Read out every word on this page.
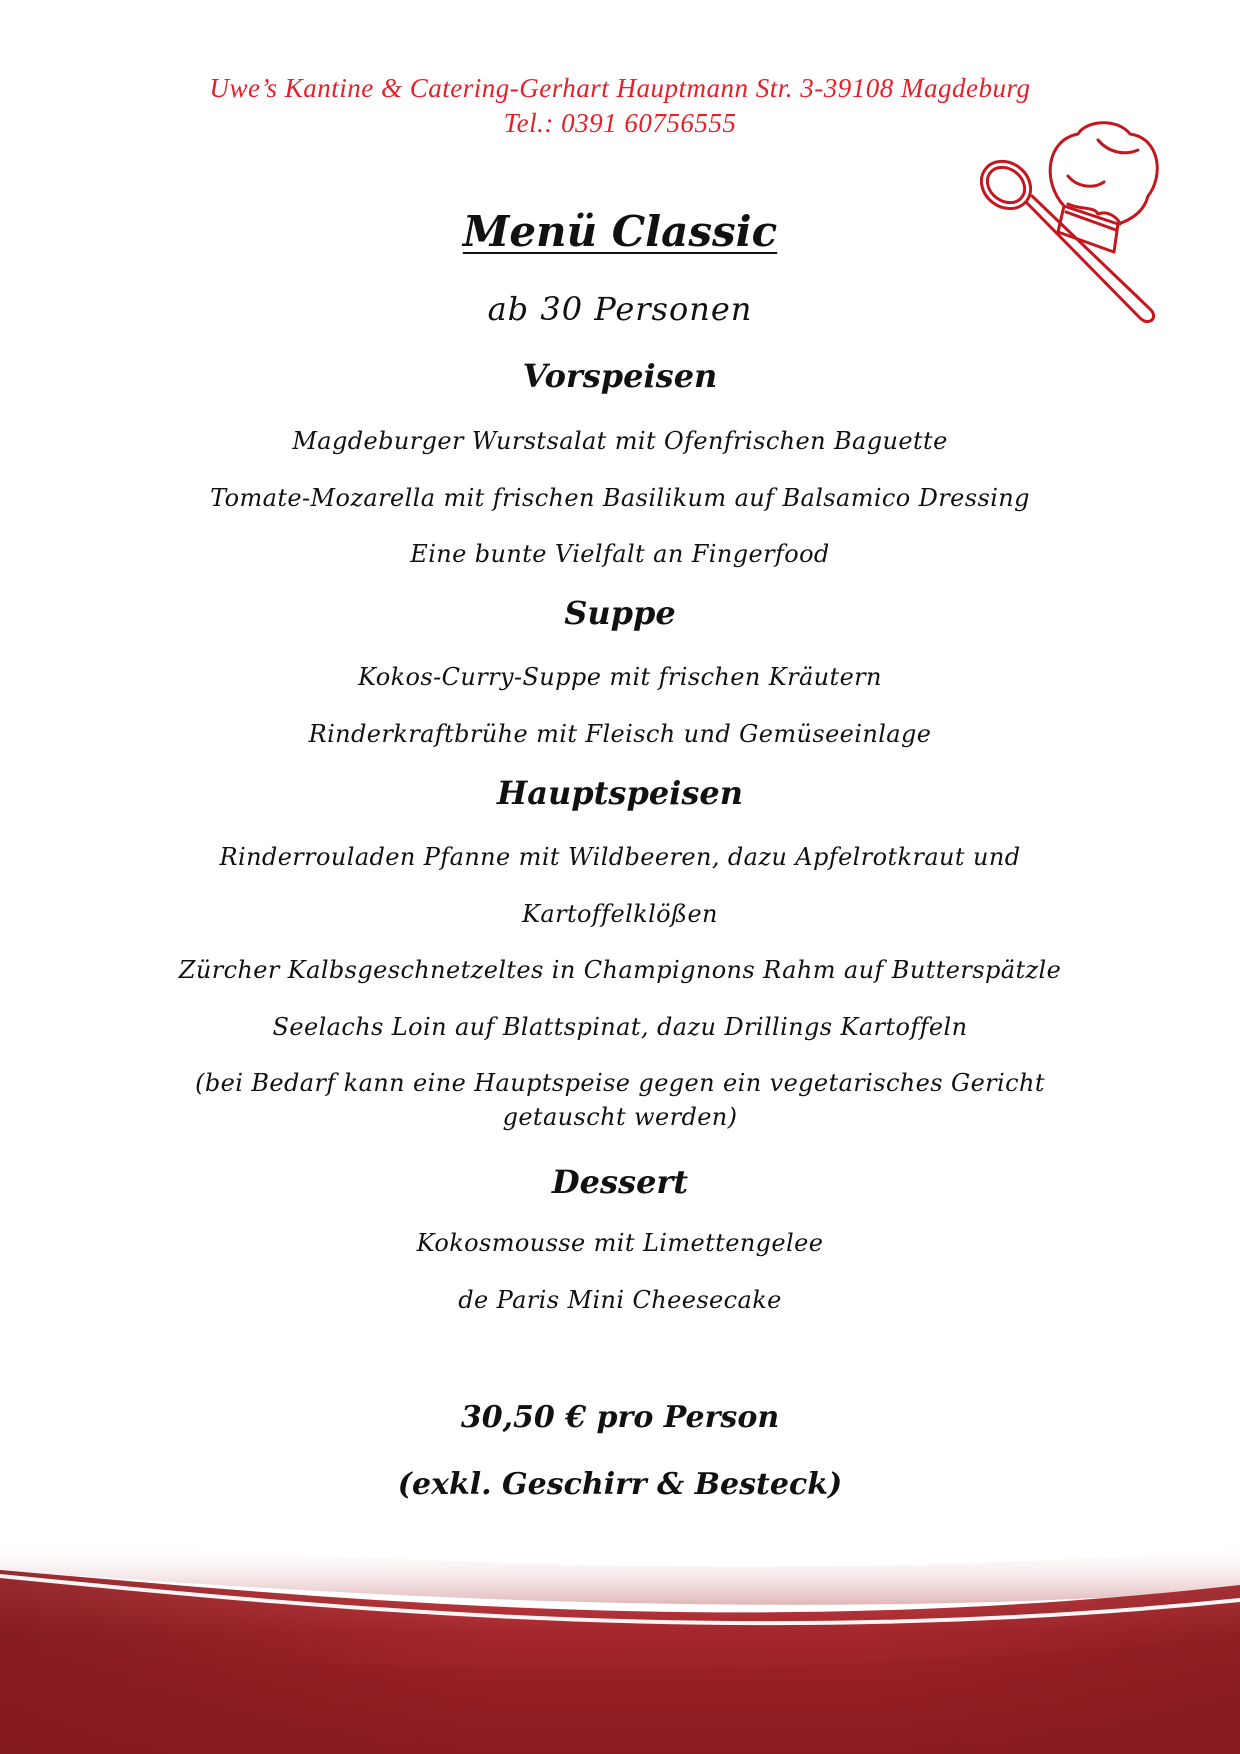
Uwe’s Kantine & Catering-Gerhart Hauptmann Str. 3-39108 Magdeburg
Tel.: 0391 60756555
Menü Classic
ab 30 Personen
Vorspeisen
Magdeburger Wurstsalat mit Ofenfrischen Baguette
Tomate-Mozarella mit frischen Basilikum auf Balsamico Dressing
Eine bunte Vielfalt an Fingerfood
Suppe
Kokos-Curry-Suppe mit frischen Kräutern
Rinderkraftbrühe mit Fleisch und Gemüseeinlage
Hauptspeisen
Rinderrouladen Pfanne mit Wildbeeren, dazu Apfelrotkraut und
Kartoffelklößen
Zürcher Kalbsgeschnetzeltes in Champignons Rahm auf Butterspätzle
Seelachs Loin auf Blattspinat, dazu Drillings Kartoffeln
(bei Bedarf kann eine Hauptspeise gegen ein vegetarisches Gericht getauscht werden)
Dessert
Kokosmousse mit Limettengelee
de Paris Mini Cheesecake
30,50 € pro Person
(exkl. Geschirr & Besteck)
